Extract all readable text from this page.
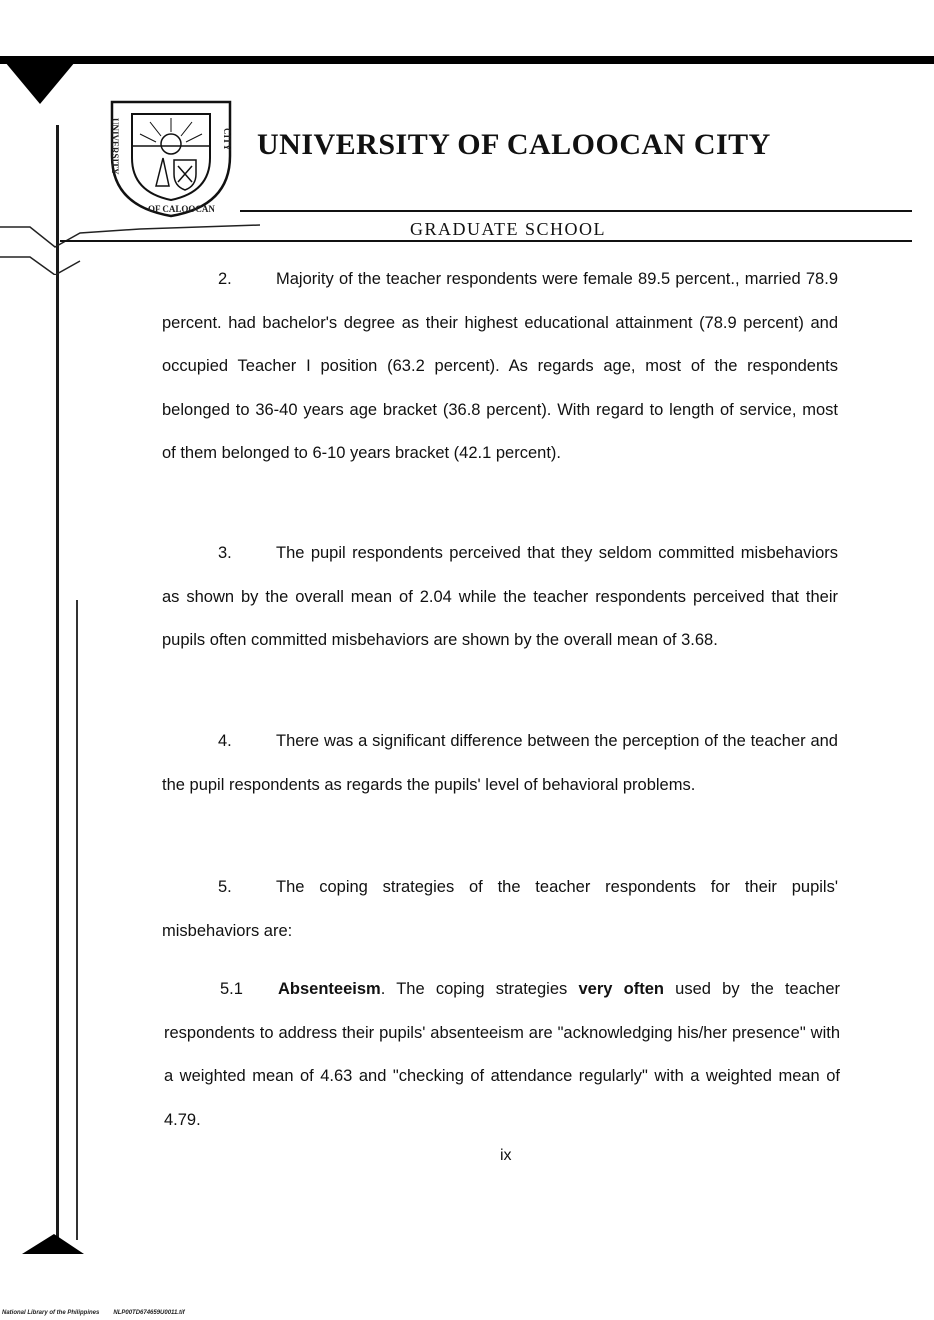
UNIVERSITY
OF CALOOCAN
CITY UNIVERSITY OF CALOOCAN CITY
GRADUATE SCHOOL

2.	Majority of the teacher respondents were female 89.5 percent., married 78.9 percent. had bachelor's degree as their highest educational attainment (78.9 percent) and occupied Teacher I position (63.2 percent). As regards age, most of the respondents belonged to 36-40 years age bracket (36.8 percent). With regard to length of service, most of them belonged to 6-10 years bracket (42.1 percent).

3.	The pupil respondents perceived that they seldom committed misbehaviors as shown by the overall mean of 2.04 while the teacher respondents perceived that their pupils often committed misbehaviors are shown by the overall mean of 3.68.

4.	There was a significant difference between the perception of the teacher and the pupil respondents as regards the pupils' level of behavioral problems.

5.	The coping strategies of the teacher respondents for their pupils' misbehaviors are:

5.1 Absenteeism. The coping strategies very often used by the teacher respondents to address their pupils' absenteeism are "acknowledging his/her presence" with a weighted mean of 4.63 and "checking of attendance regularly" with a weighted mean of 4.79.

ix
National Library of the Philippines NLP00TD674659U0011.tif
